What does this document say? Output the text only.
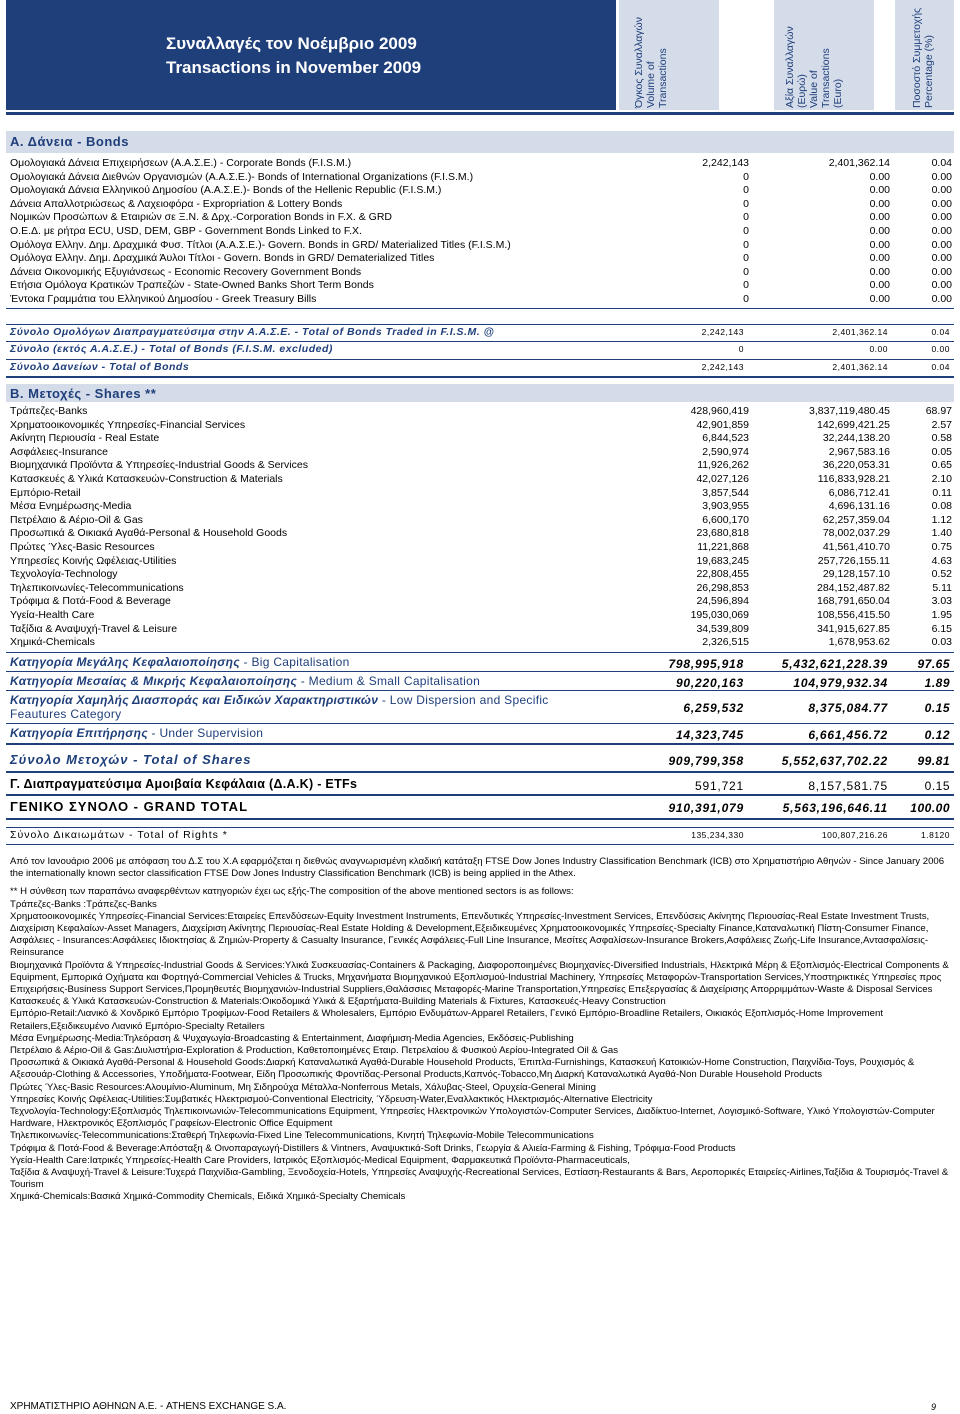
Συναλλαγές τον Νοέμβριο 2009
Transactions in November 2009	Όγκος Συναλλαγών Volume of Transactions	Αξία Συναλλαγών (Ευρώ) Value of Transactions (Euro)	Ποσοστό Συμμετοχής Percentage (%)
Α. Δάνεια - Bonds
Ομολογιακά Δάνεια Επιχειρήσεων (Α.Α.Σ.Ε.) - Corporate Bonds (F.I.S.M.)	2,242,143	2,401,362.14	0.04
Ομολογιακά Δάνεια Διεθνών Οργανισμών (Α.Α.Σ.Ε.)- Bonds of International Organizations (F.I.S.M.)	0	0.00	0.00
Ομολογιακά Δάνεια Ελληνικού Δημοσίου (Α.Α.Σ.Ε.)- Bonds of the Hellenic Republic (F.I.S.M.)	0	0.00	0.00
Δάνεια Απαλλοτριώσεως & Λαχειοφόρα - Expropriation & Lottery Bonds	0	0.00	0.00
Νομικών Προσώπων & Εταιριών σε Ξ.Ν. & Δρχ.-Corporation Bonds in F.X. & GRD	0	0.00	0.00
Ο.Ε.Δ. με ρήτρα ECU, USD, DEM, GBP - Government Bonds Linked to F.X.	0	0.00	0.00
Ομόλογα Ελλην. Δημ. Δραχμικά Φυσ. Τίτλοι (Α.Α.Σ.Ε.)- Govern. Bonds in GRD/ Materialized Titles (F.I.S.M.)	0	0.00	0.00
Ομόλογα Ελλην. Δημ. Δραχμικά Άυλοι Τίτλοι - Govern. Bonds in GRD/ Dematerialized Titles	0	0.00	0.00
Δάνεια Οικονομικής Εξυγιάνσεως - Economic Recovery Government Bonds	0	0.00	0.00
Ετήσια Ομόλογα Κρατικών Τραπεζών - State-Owned Banks Short Term Bonds	0	0.00	0.00
Έντοκα Γραμμάτια του Ελληνικού Δημοσίου - Greek Treasury Bills	0	0.00	0.00
Σύνολο Ομολόγων Διαπραγματεύσιμα στην Α.Α.Σ.Ε. - Total of Bonds Traded in F.I.S.M. @	2,242,143	2,401,362.14	0.04
Σύνολο (εκτός Α.Α.Σ.Ε.) - Total of Bonds (F.I.S.M. excluded)	0	0.00	0.00
Σύνολο Δανείων - Total of Bonds	2,242,143	2,401,362.14	0.04
Β. Μετοχές - Shares **
Τράπεζες-Banks	428,960,419	3,837,119,480.45	68.97
Χρηματοοικονομικές Υπηρεσίες-Financial Services	42,901,859	142,699,421.25	2.57
Ακίνητη Περιουσία - Real Estate	6,844,523	32,244,138.20	0.58
Ασφάλειες-Insurance	2,590,974	2,967,583.16	0.05
Βιομηχανικά Προϊόντα & Υπηρεσίες-Industrial Goods & Services	11,926,262	36,220,053.31	0.65
Κατασκευές & Υλικά Κατασκευών-Construction & Materials	42,027,126	116,833,928.21	2.10
Εμπόριο-Retail	3,857,544	6,086,712.41	0.11
Μέσα Ενημέρωσης-Media	3,903,955	4,696,131.16	0.08
Πετρέλαιο & Αέριο-Oil & Gas	6,600,170	62,257,359.04	1.12
Προσωπικά & Οικιακά Αγαθά-Personal & Household Goods	23,680,818	78,002,037.29	1.40
Πρώτες Ύλες-Basic Resources	11,221,868	41,561,410.70	0.75
Υπηρεσίες Κοινής Ωφέλειας-Utilities	19,683,245	257,726,155.11	4.63
Τεχνολογία-Technology	22,808,455	29,128,157.10	0.52
Τηλεπικοινωνίες-Telecommunications	26,298,853	284,152,487.82	5.11
Τρόφιμα & Ποτά-Food & Beverage	24,596,894	168,791,650.04	3.03
Υγεία-Health Care	195,030,069	108,556,415.50	1.95
Ταξίδια & Αναψυχή-Travel & Leisure	34,539,809	341,915,627.85	6.15
Χημικά-Chemicals	2,326,515	1,678,953.62	0.03
Κατηγορία Μεγάλης Κεφαλαιοποίησης - Big Capitalisation	798,995,918	5,432,621,228.39 97.65
Κατηγορία Μεσαίας & Μικρής Κεφαλαιοποίησης - Medium & Small Capitalisation	90,220,163	104,979,932.34	1.89
Κατηγορία Χαμηλής Διασποράς και Ειδικών Χαρακτηριστικών - Low Dispersion and Specific
Feautures Category	6,259,532	8,375,084.77	0.15
Κατηγορία Επιτήρησης - Under Supervision	14,323,745	6,661,456.72	0.12
Σύνολο Μετοχών - Total of Shares	909,799,358	5,552,637,702.22 99.81
Γ. Διαπραγματεύσιμα Αμοιβαία Κεφάλαια (Δ.Α.Κ) - ETFs	591,721	8,157,581.75	0.15
ΓΕΝΙΚΟ ΣΥΝΟΛΟ - GRAND TOTAL	910,391,079	5,563,196,646.11 100.00
Σύνολο Δικαιωμάτων - Total of Rights *	135,234,330	100,807,216.26	1.8120

Από τον Ιανουάριο 2006 με απόφαση του Δ.Σ του Χ.Α εφαρμόζεται η διεθνώς αναγνωρισμένη κλαδική κατάταξη FTSE Dow Jones Industry Classification Benchmark (ICB) στο Χρηματιστήριο Αθηνών - Since January 2006 the internationally known sector classification FTSE Dow Jones Industry Classification Benchmark (ICB) is being applied in the Athex.

** Η σύνθεση των παραπάνω αναφερθέντων κατηγοριών έχει ως εξής-The composition of the above mentioned sectors is as follows:

Τράπεζες-Banks :Τράπεζες-Banks

Χρηματοοικονομικές Υπηρεσίες-Financial Services:Εταιρείες Επενδύσεων-Equity Investment Instruments, Επενδυτικές Υπηρεσίες-Investment Services, Επενδύσεις Ακίνητης Περιουσίας-Real Estate Investment Trusts, Διαχείριση Κεφαλαίων-Asset Managers, Διαχείριση Ακίνητης Περιουσίας-Real Estate Holding & Development,Εξειδικευμένες Χρηματοοικονομικές Υπηρεσίες-Specialty Finance,Καταναλωτική Πίστη-Consumer Finance,

Ασφάλειες - Insurances:Ασφάλειες Ιδιοκτησίας & Ζημιών-Property & Casualty Insurance, Γενικές Ασφάλειες-Full Line Insurance, Μεσίτες Ασφαλίσεων-Insurance Brokers,Ασφάλειες Ζωής-Life Insurance,Αντασφαλίσεις-Reinsurance

Βιομηχανικά Προϊόντα & Υπηρεσίες-Industrial Goods & Services:Υλικά Συσκευασίας-Containers & Packaging, Διαφοροποιημένες Βιομηχανίες-Diversified Industrials, Ηλεκτρικά Μέρη & Εξοπλισμός-Electrical Components & Equipment, Εμπορικά Οχήματα και Φορτηγά-Commercial Vehicles & Trucks, Μηχανήματα Βιομηχανικού Εξοπλισμού-Industrial Machinery, Υπηρεσίες Μεταφορών-Transportation Services,Υποστηρικτικές Υπηρεσίες προς Επιχειρήσεις-Business Support Services,Προμηθευτές Βιομηχανιών-Industrial Suppliers,Θαλάσσιες Μεταφορές-Marine Transportation,Υπηρεσίες Επεξεργασίας & Διαχείρισης Απορριμμάτων-Waste & Disposal Services

Κατασκευές & Υλικά Κατασκευών-Construction & Materials:Οικοδομικά Υλικά & Εξαρτήματα-Building Materials & Fixtures, Κατασκευές-Heavy Construction

Εμπόριο-Retail:Λιανικό & Χονδρικό Εμπόριο Τροφίμων-Food Retailers & Wholesalers, Εμπόριο Ενδυμάτων-Apparel Retailers, Γενικό Εμπόριο-Broadline Retailers, Οικιακός Εξοπλισμός-Home Improvement Retailers,Εξειδικευμένο Λιανικό Εμπόριο-Specialty Retailers

Μέσα Ενημέρωσης-Media:Τηλεόραση & Ψυχαγωγία-Broadcasting & Entertainment, Διαφήμιση-Media Agencies, Εκδόσεις-Publishing

Πετρέλαιο & Αέριο-Oil & Gas:Διυλιστήρια-Exploration & Production, Καθετοποιημένες Εταιρ. Πετρελαίου & Φυσικού Αερίου-Integrated Oil & Gas

Προσωπικά & Οικιακά Αγαθά-Personal & Household Goods:Διαρκή Καταναλωτικά Αγαθά-Durable Household Products, Έπιπλα-Furnishings, Κατασκευή Κατοικιών-Home Construction, Παιχνίδια-Toys, Ρουχισμός & Αξεσουάρ-Clothing & Accessories, Υποδήματα-Footwear, Είδη Προσωπικής Φροντίδας-Personal Products,Καπνός-Tobacco,Μη Διαρκή Καταναλωτικά Αγαθά-Non Durable Household Products

Πρώτες Ύλες-Basic Resources:Αλουμίνιο-Aluminum, Μη Σιδηρούχα Μέταλλα-Nonferrous Metals, Χάλυβας-Steel, Ορυχεία-General Mining

Υπηρεσίες Κοινής Ωφέλειας-Utilities:Συμβατικές Ηλεκτρισμού-Conventional Electricity, Ύδρευση-Water,Εναλλακτικός Ηλεκτρισμός-Alternative Electricity

Τεχνολογία-Technology:Εξοπλισμός Τηλεπικοινωνιών-Telecommunications Equipment, Υπηρεσίες Ηλεκτρονικών Υπολογιστών-Computer Services, Διαδίκτυο-Internet, Λογισμικό-Software, Υλικό Υπολογιστών-Computer Hardware, Ηλεκτρονικός Εξοπλισμός Γραφείων-Electronic Office Equipment

Τηλεπικοινωνίες-Telecommunications:Σταθερή Τηλεφωνία-Fixed Line Telecommunications, Κινητή Τηλεφωνία-Mobile Telecommunications

Τρόφιμα & Ποτά-Food & Beverage:Απόσταξη & Οινοπαραγωγή-Distillers & Vintners, Αναψυκτικά-Soft Drinks, Γεωργία & Αλιεία-Farming & Fishing, Τρόφιμα-Food Products

Υγεία-Health Care:Ιατρικές Υπηρεσίες-Health Care Providers, Ιατρικός Εξοπλισμός-Medical Equipment, Φαρμακευτικά Προϊόντα-Pharmaceuticals,

Ταξίδια & Αναψυχή-Travel & Leisure:Τυχερά Παιχνίδια-Gambling, Ξενοδοχεία-Hotels, Υπηρεσίες Αναψυχής-Recreational Services, Εστίαση-Restaurants & Bars, Αεροπορικές Εταιρείες-Airlines,Ταξίδια & Τουρισμός-Travel & Tourism

Χημικά-Chemicals:Βασικά Χημικά-Commodity Chemicals, Ειδικά Χημικά-Specialty Chemicals

ΧΡΗΜΑΤΙΣΤΗΡΙΟ ΑΘΗΝΩΝ Α.Ε. - ATHENS EXCHANGE S.A.	9
